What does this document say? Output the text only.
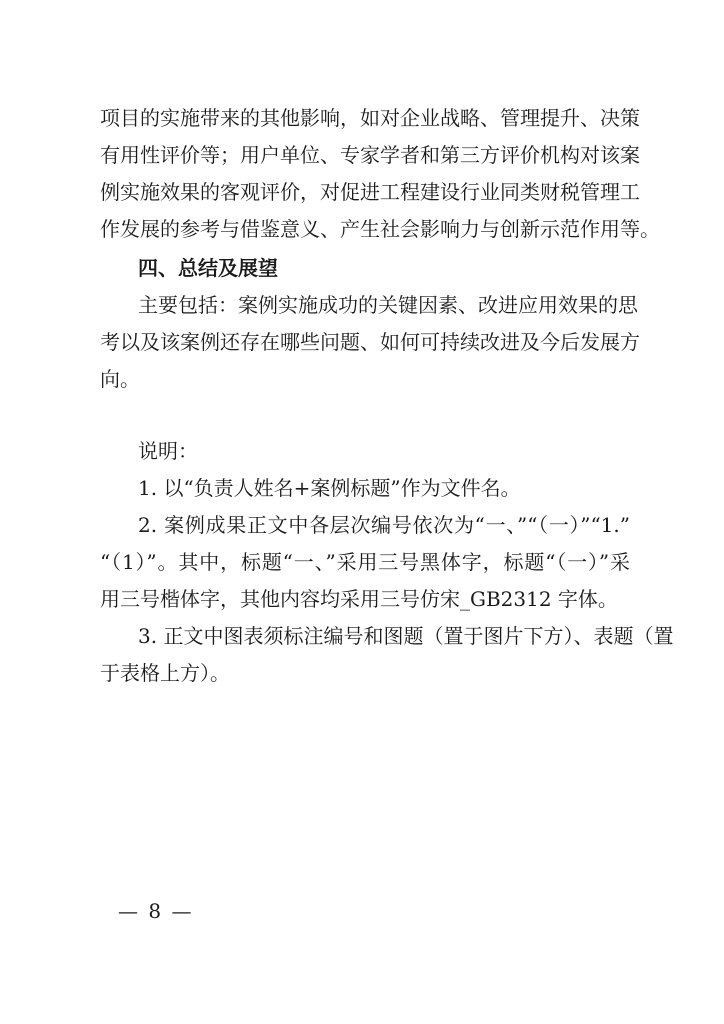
项目的实施带来的其他影响，如对企业战略、管理提升、决策
有用性评价等；用户单位、专家学者和第三方评价机构对该案
例实施效果的客观评价，对促进工程建设行业同类财税管理工
作发展的参考与借鉴意义、产生社会影响力与创新示范作用等。
四、总结及展望
主要包括：案例实施成功的关键因素、改进应用效果的思
考以及该案例还存在哪些问题、如何可持续改进及今后发展方
向。
说明：
1. 以“负责人姓名+案例标题”作为文件名。
2. 案例成果正文中各层次编号依次为“一、”“（一）”“1.”
“（1）”。其中，标题“一、”采用三号黑体字，标题“（一）”采
用三号楷体字，其他内容均采用三号仿宋_GB2312 字体。
3. 正文中图表须标注编号和图题（置于图片下方）、表题（置
于表格上方）。
— 8 —
